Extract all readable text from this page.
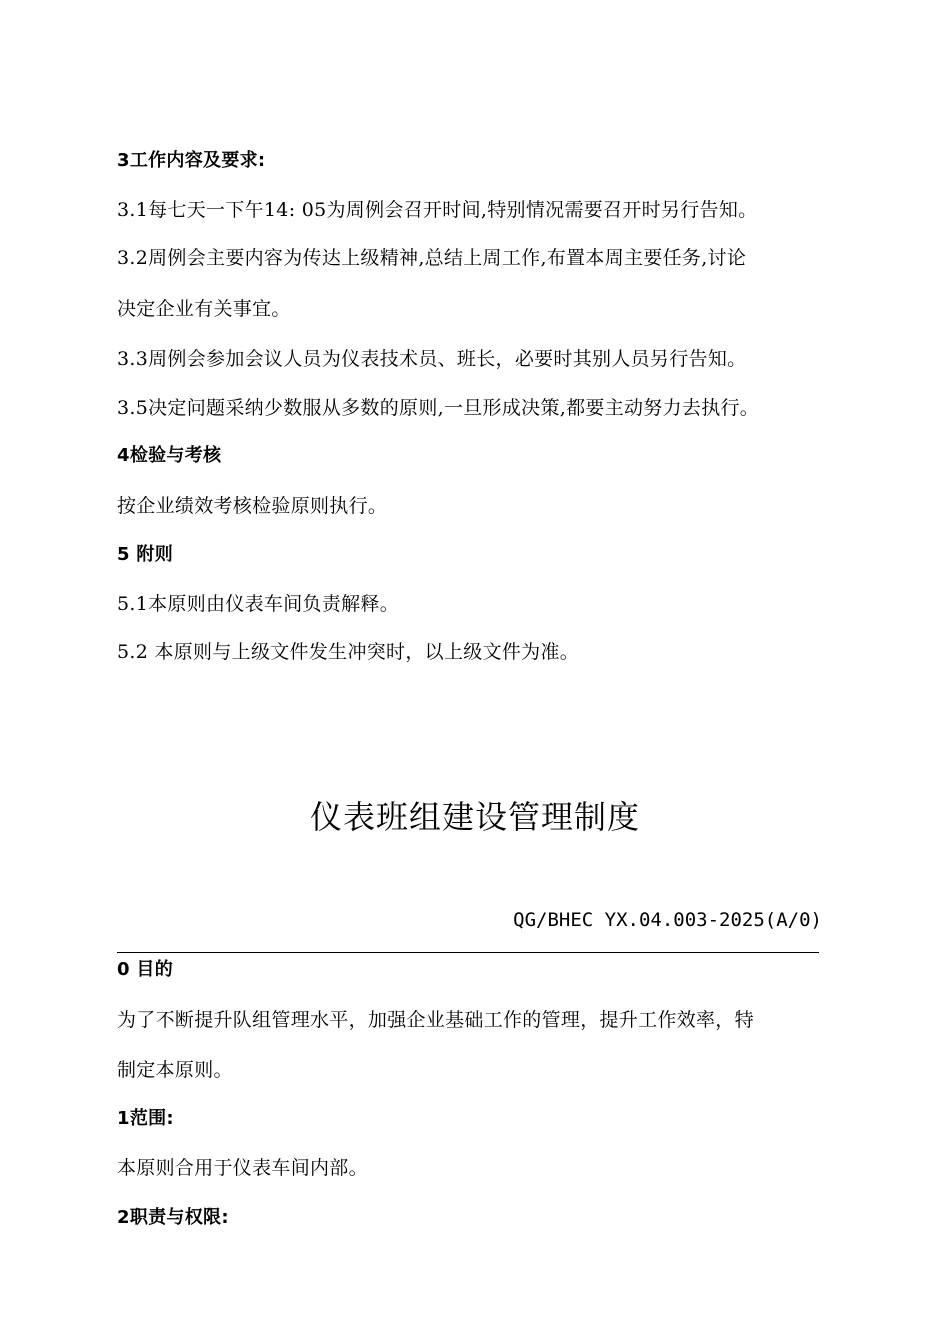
3工作内容及要求:
3.1每七天一下午14: 05为周例会召开时间,特别情况需要召开时另行告知。
3.2周例会主要内容为传达上级精神,总结上周工作,布置本周主要任务,讨论
决定企业有关事宜。
3.3周例会参加会议人员为仪表技术员、班长，必要时其别人员另行告知。
3.5决定问题采纳少数服从多数的原则,一旦形成决策,都要主动努力去执行。
4检验与考核
按企业绩效考核检验原则执行。
5 附则
5.1本原则由仪表车间负责解释。
5.2 本原则与上级文件发生冲突时，以上级文件为准。
仪表班组建设管理制度
QG/BHEC YX.04.003-2025(A/0)
0 目的
为了不断提升队组管理水平，加强企业基础工作的管理，提升工作效率，特
制定本原则。
1范围:
本原则合用于仪表车间内部。
2职责与权限:
